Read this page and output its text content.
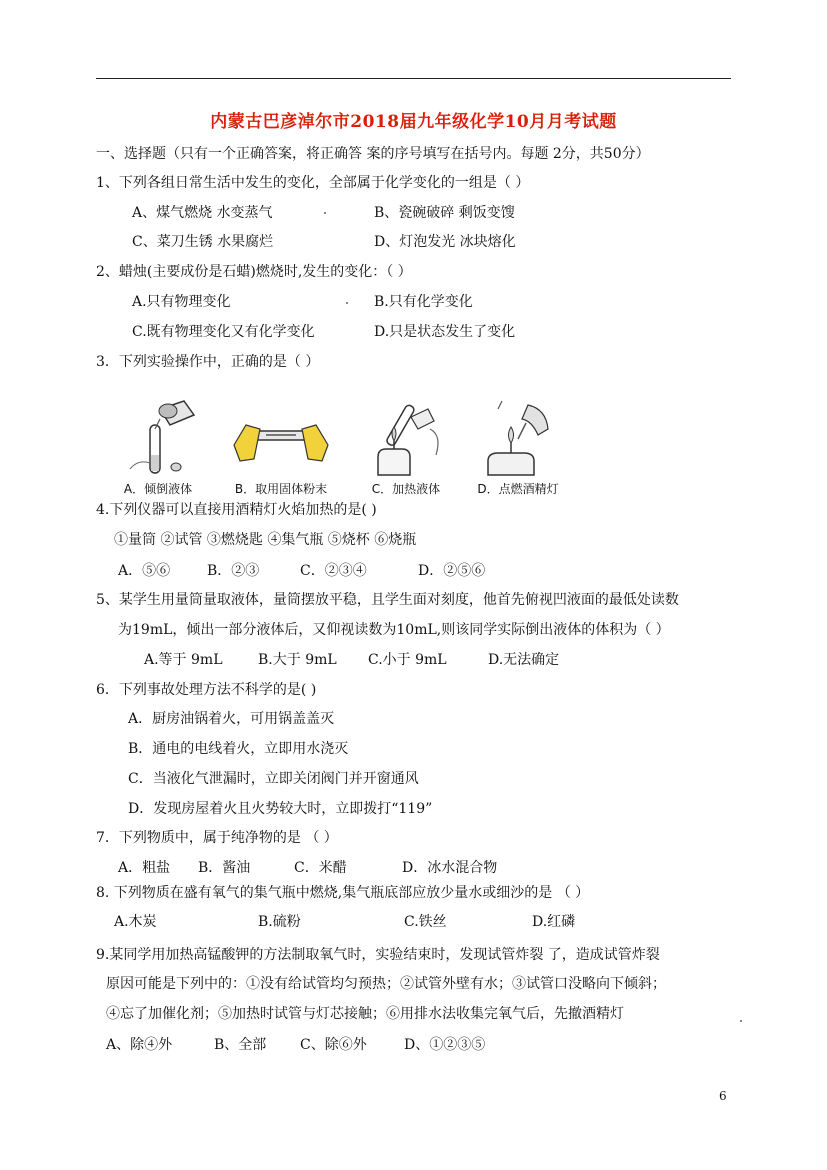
内蒙古巴彦淖尔市2018届九年级化学10月月考试题
一、选择题（只有一个正确答案，将正确答 案的序号填写在括号内。每题 2分，共50分）
1、下列各组日常生活中发生的变化，全部属于化学变化的一组是（ ）
A、煤气燃烧 水变蒸气	B、瓷碗破碎 剩饭变馊
C、菜刀生锈 水果腐烂	D、灯泡发光 冰块熔化
2、蜡烛(主要成份是石蜡)燃烧时,发生的变化：（ ）
A.只有物理变化	B.只有化学变化
C.既有物理变化又有化学变化	D.只是状态发生了变化
3．下列实验操作中，正确的是（ ）
A．倾倒液体	B．取用固体粉末	C．加热液体	D．点燃酒精灯
4.下列仪器可以直接用酒精灯火焰加热的是( )
①量筒 ②试管 ③燃烧匙 ④集气瓶 ⑤烧杯 ⑥烧瓶
A．⑤⑥	B．②③	C．②③④	D．②⑤⑥
5、某学生用量筒量取液体，量筒摆放平稳，且学生面对刻度，他首先俯视凹液面的最低处读数
为19mL，倾出一部分液体后，又仰视读数为10mL,则该同学实际倒出液体的体积为（ ）
A.等于 9mL	B.大于 9mL C.小于 9mL	D.无法确定
6．下列事故处理方法不科学的是( )
A．厨房油锅着火，可用锅盖盖灭
B．通电的电线着火，立即用水浇灭
C．当液化气泄漏时，立即关闭阀门并开窗通风
D．发现房屋着火且火势较大时，立即拨打“119”
7．下列物质中，属于纯净物的是 （ ）
A．粗盐 B．酱油	C．米醋	D．冰水混合物
8. 下列物质在盛有氧气的集气瓶中燃烧,集气瓶底部应放少量水或细沙的是 （ ）
A.木炭	B.硫粉	C.铁丝	D.红磷
9.某同学用加热高锰酸钾的方法制取氧气时，实验结束时，发现试管炸裂 了，造成试管炸裂
原因可能是下列中的：①没有给试管均匀预热；②试管外壁有水；③试管口没略向下倾斜；
④忘了加催化剂；⑤加热时试管与灯芯接触；⑥用排水法收集完氧气后，先撤酒精灯
A、除④外	B、全部 C、除⑥外	D、①②③⑤
6
